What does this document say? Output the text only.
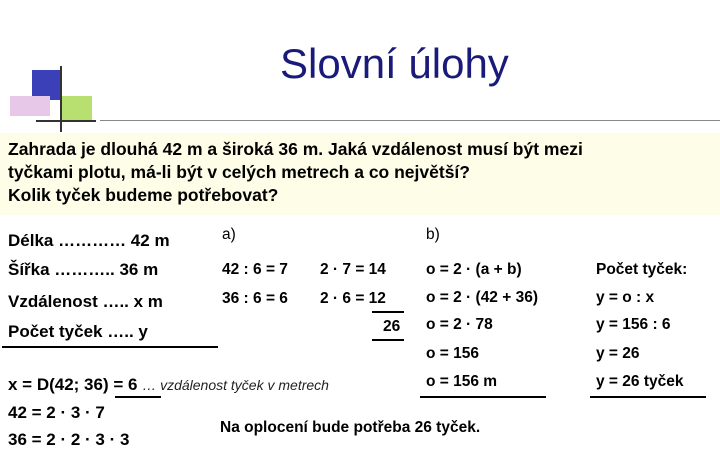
Slovní úlohy
Zahrada je dlouhá 42 m a široká 36 m. Jaká vzdálenost musí být mezi
tyčkami plotu, má-li být v celých metrech a co největší?
Kolik tyček budeme potřebovat?
Délka ………… 42 m
Šířka ……….. 36 m
Vzdálenost ….. x m
Počet tyček ….. y
a)
42 : 6 = 7
36 : 6 = 6
2 · 7 = 14
2 · 6 = 12
26
b)
o = 2 · (a + b)
o = 2 · (42 + 36)
o = 2 · 78
o = 156
o = 156 m
Počet tyček:
y = o : x
y = 156 : 6
y = 26
y = 26 tyček
x = D(42; 36) = 6 … vzdálenost tyček v metrech
42 = 2 · 3 · 7
36 = 2 · 2 · 3 · 3
Na oplocení bude potřeba 26 tyček.
